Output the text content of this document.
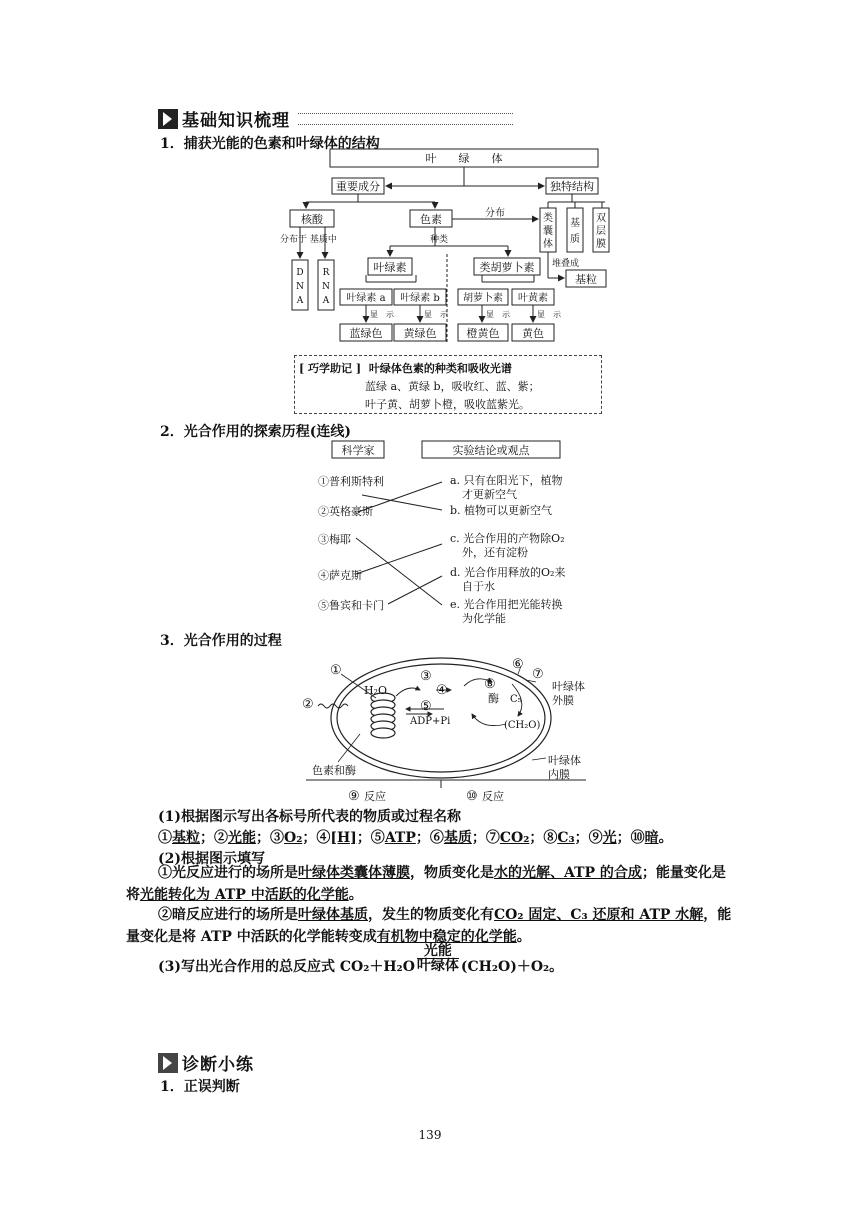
基础知识梳理
1．捕获光能的色素和叶绿体的结构
叶　　绿　　体
重要成分	独特结构
核酸	色素	分布
种类
分布于 基质中
类
囊
体
基
质
双
层
膜
堆叠成
基粒
D
N
A
R
N
A
叶绿素	类胡萝卜素
叶绿素 a 叶绿素 b 胡萝卜素 叶黄素
显　示	显　示	显　示	显　示
蓝绿色 黄绿色	橙黄色 黄色
[ 巧学助记 ] 叶绿体色素的种类和吸收光谱
蓝绿 a、黄绿 b，吸收红、蓝、紫；
叶子黄、胡萝卜橙，吸收蓝紫光。
2．光合作用的探索历程(连线)
科学家	实验结论或观点
①普利斯特利
②英格豪斯
③梅耶
④萨克斯
⑤鲁宾和卡门
a. 只有在阳光下，植物
才更新空气
b. 植物可以更新空气
c. 光合作用的产物除O₂
外，还有淀粉
d. 光合作用释放的O₂来
自于水
e. 光合作用把光能转换
为化学能
3．光合作用的过程
①
②
③
④
⑤
⑥
⑦
⑧
H₂O
ADP+Pi
酶 C₅
(CH₂O)
叶绿体
外膜
叶绿体
内膜
色素和酶
⑨ 反应	⑩ 反应
(1)根据图示写出各标号所代表的物质或过程名称
①基粒；②光能；③O₂；④[H]；⑤ATP；⑥基质；⑦CO₂；⑧C₃；⑨光；⑩暗。
(2)根据图示填写
①光反应进行的场所是叶绿体类囊体薄膜，物质变化是水的光解、ATP 的合成；能量变化是将光能转化为 ATP 中活跃的化学能。
②暗反应进行的场所是叶绿体基质，发生的物质变化有CO₂ 固定、C₃ 还原和 ATP 水解，能量变化是将 ATP 中活跃的化学能转变成有机物中稳定的化学能。
(3)写出光合作用的总反应式 CO₂＋H₂O
光能
叶绿体 (CH₂O)＋O₂。
诊断小练
1．正误判断
139
